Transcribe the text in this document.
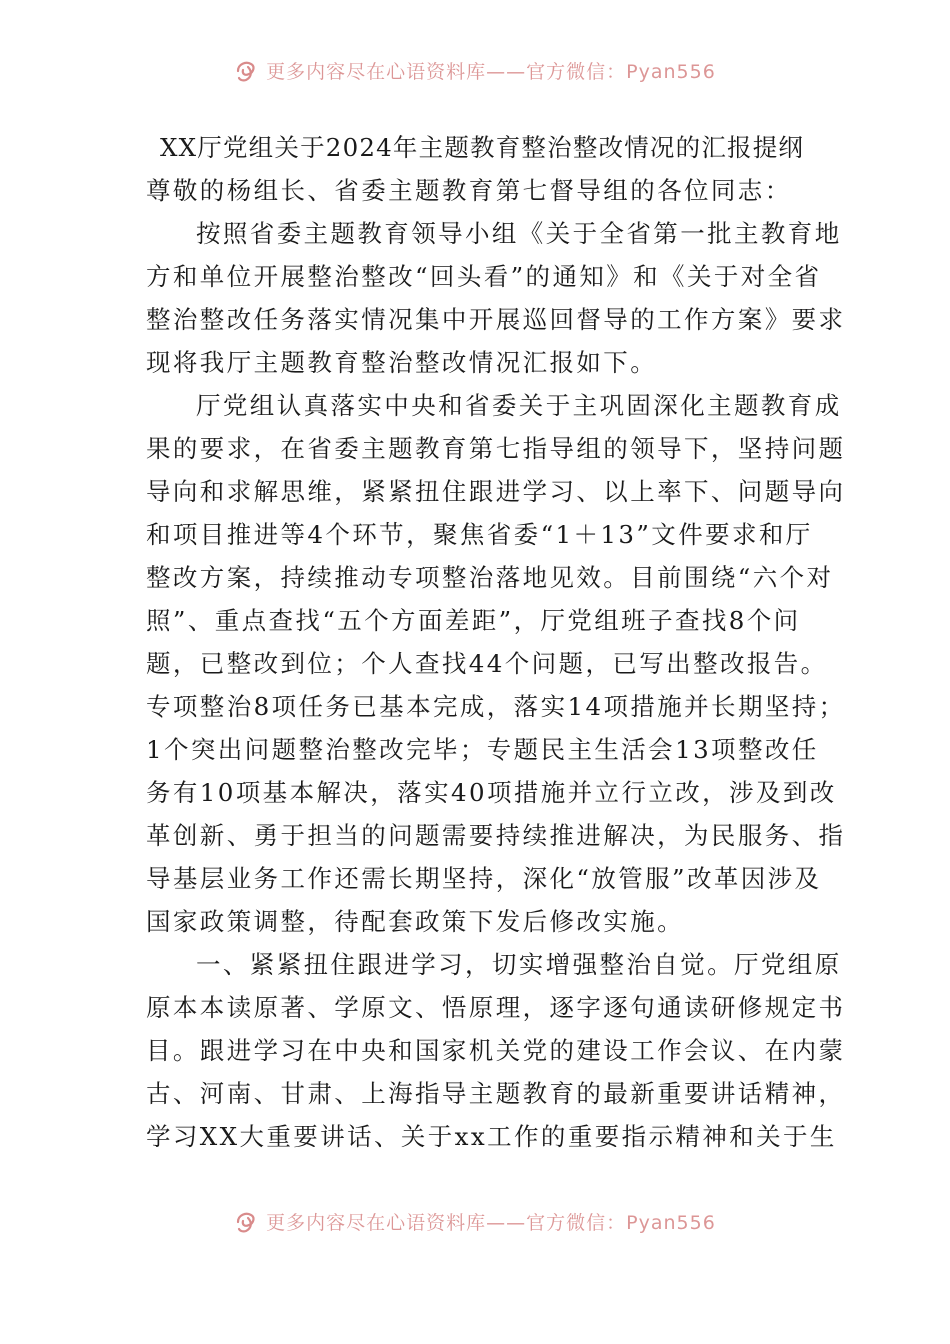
更多内容尽在心语资料库——官方微信：Pyan556
XX厅党组关于2024年主题教育整治整改情况的汇报提纲
尊敬的杨组长、省委主题教育第七督导组的各位同志：
按照省委主题教育领导小组《关于全省第一批主教育地
方和单位开展整治整改“回头看”的通知》和《关于对全省
整治整改任务落实情况集中开展巡回督导的工作方案》要求
现将我厅主题教育整治整改情况汇报如下。
厅党组认真落实中央和省委关于主巩固深化主题教育成
果的要求，在省委主题教育第七指导组的领导下，坚持问题
导向和求解思维，紧紧扭住跟进学习、以上率下、问题导向
和项目推进等4个环节，聚焦省委“1＋13”文件要求和厅
整改方案，持续推动专项整治落地见效。目前围绕“六个对
照”、重点查找“五个方面差距”，厅党组班子查找8个问
题，已整改到位；个人查找44个问题，已写出整改报告。
专项整治8项任务已基本完成，落实14项措施并长期坚持；
1个突出问题整治整改完毕；专题民主生活会13项整改任
务有10项基本解决，落实40项措施并立行立改，涉及到改
革创新、勇于担当的问题需要持续推进解决，为民服务、指
导基层业务工作还需长期坚持，深化“放管服”改革因涉及
国家政策调整，待配套政策下发后修改实施。
一、紧紧扭住跟进学习，切实增强整治自觉。厅党组原
原本本读原著、学原文、悟原理，逐字逐句通读研修规定书
目。跟进学习在中央和国家机关党的建设工作会议、在内蒙
古、河南、甘肃、上海指导主题教育的最新重要讲话精神，
学习XX大重要讲话、关于xx工作的重要指示精神和关于生
更多内容尽在心语资料库——官方微信：Pyan556
